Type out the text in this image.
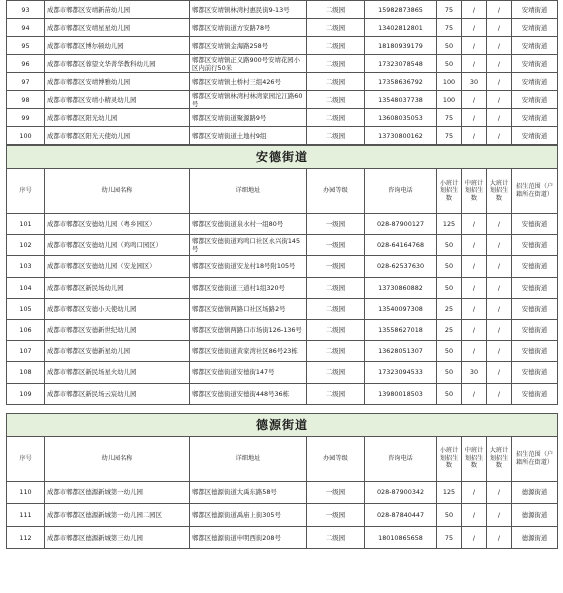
93	成都市郫都区安靖新苗幼儿园	郫都区安靖镇林湾村惠民街9-13号	二级园	15982873865	75	/	/	安靖街道
94	成都市郫都区安靖星星幼儿园	郫都区安靖街道方安路78号	二级园	13402812801	75	/	/	安靖街道
95	成都市郫都区博尔顿幼儿园	郫都区安靖镇金海路258号	二级园	18180939179	50	/	/	安靖街道
96	成都市郫都区蓉望文华菁华教科幼儿园	郫都区安靖镇正义路900号安靖花园小区内前行50米	二级园	17323078548	50	/	/	安靖街道
97	成都市郫都区安靖博雅幼儿园	郫都区安靖镇土桥村三组426号	二级园	17358636792	100	30	/	安靖街道
98	成都市郫都区安靖小精灵幼儿园	郫都区安靖镇林湾村林湾家园沱江路60号	二级园	13548037738	100	/	/	安靖街道
99	成都市郫都区阳光幼儿园	郫都区安靖街道聚源路9号	二级园	13608035053	75	/	/	安靖街道
100	成都市郫都区阳光天使幼儿园	郫都区安靖街道土地村9组	二级园	13730800162	75	/	/	安靖街道
安德街道								
序号	幼儿园名称	详细地址	办园等级	咨询电话	小班计划招生数	中班计划招生数	大班计划招生数	招生范围（户籍所在街道）
101	成都市郫都区安德幼儿园（粤乡园区）	郫都区安德街道泉水村一组80号	一级园	028-87900127	125	/	/	安德街道
102	成都市郫都区安德幼儿园（鸡鸣口园区）	郫都区安德街道鸡鸣口社区永兴街145号	一级园	028-64164768	50	/	/	安德街道
103	成都市郫都区安德幼儿园（安龙园区）	郫都区安德街道安龙村18号附105号	一级园	028-62537630	50	/	/	安德街道
104	成都市郫都区新民场幼儿园	郫都区安德街道三道村1组320号	二级园	13730860882	50	/	/	安德街道
105	成都市郫都区安德小天使幼儿园	郫都区安德镇两路口社区场路2号	二级园	13540097308	25	/	/	安德街道
106	成都市郫都区安德新世纪幼儿园	郫都区安德镇两路口市场街126-136号	二级园	13558627018	25	/	/	安德街道
107	成都市郫都区安德新星幼儿园	郫都区安德街道黄家湾社区86号23栋	二级园	13628051307	50	/	/	安德街道
108	成都市郫都区新民场星火幼儿园	郫都区安德街道安德街147号	二级园	17323094533	50	30	/	安德街道
109	成都市郫都区新民场云宸幼儿园	郫都区安德街道安德街448号36栋	二级园	13980018503	50	/	/	安德街道
德源街道								
序号	幼儿园名称	详细地址	办园等级	咨询电话	小班计划招生数	中班计划招生数	大班计划招生数	招生范围（户籍所在街道）
110	成都市郫都区德源新城第一幼儿园	郫都区德源街道大禹东路58号	一级园	028-87900342	125	/	/	德源街道
111	成都市郫都区德源新城第一幼儿园二园区	郫都区德源街道禹庙上街305号	一级园	028-87840447	50	/	/	德源街道
112	成都市郫都区德源新城第三幼儿园	郫都区德源街道申明西街208号	二级园	18010865658	75	/	/	德源街道
